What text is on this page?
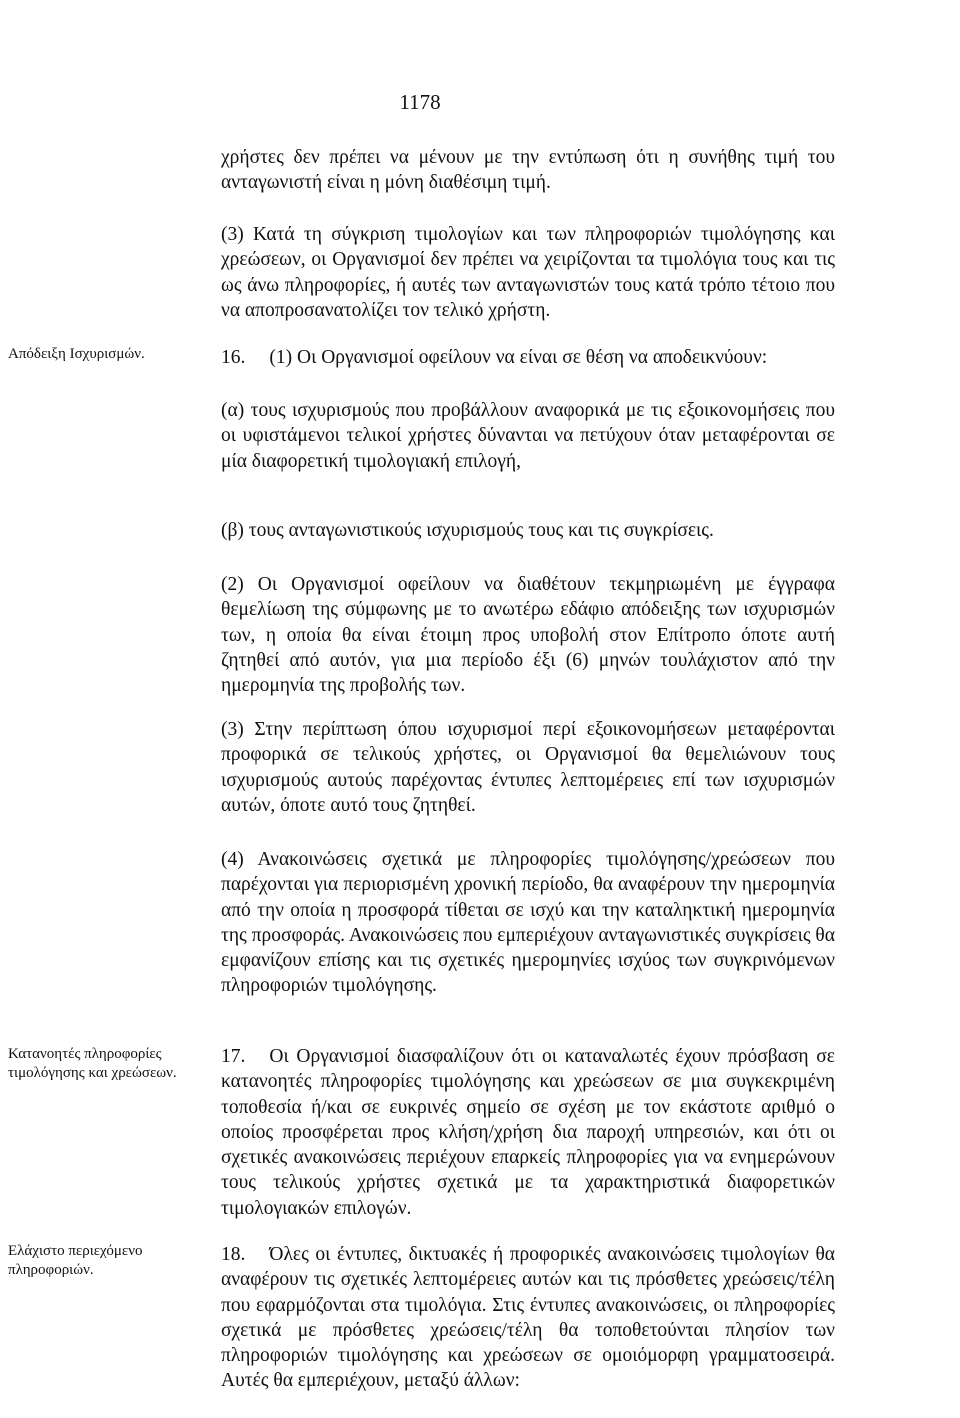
1178

χρήστες δεν πρέπει να μένουν με την εντύπωση ότι η συνήθης τιμή του ανταγωνιστή είναι η μόνη διαθέσιμη τιμή.

(3) Κατά τη σύγκριση τιμολογίων και των πληροφοριών τιμολόγησης και χρεώσεων, οι Οργανισμοί δεν πρέπει να χειρίζονται τα τιμολόγια τους και τις ως άνω πληροφορίες, ή αυτές των ανταγωνιστών τους κατά τρόπο τέτοιο που να αποπροσανατολίζει τον τελικό χρήστη.

Απόδειξη Ισχυρισμών.	16. (1) Οι Οργανισμοί οφείλουν να είναι σε θέση να αποδεικνύουν:

(α) τους ισχυρισμούς που προβάλλουν αναφορικά με τις εξοικονομήσεις που οι υφιστάμενοι τελικοί χρήστες δύνανται να πετύχουν όταν μεταφέρονται σε μία διαφορετική τιμολογιακή επιλογή,

(β) τους ανταγωνιστικούς ισχυρισμούς τους και τις συγκρίσεις.

(2) Οι Οργανισμοί οφείλουν να διαθέτουν τεκμηριωμένη με έγγραφα θεμελίωση της σύμφωνης με το ανωτέρω εδάφιο απόδειξης των ισχυρισμών των, η οποία θα είναι έτοιμη προς υποβολή στον Επίτροπο όποτε αυτή ζητηθεί από αυτόν, για μια περίοδο έξι (6) μηνών τουλάχιστον από την ημερομηνία της προβολής των.

(3) Στην περίπτωση όπου ισχυρισμοί περί εξοικονομήσεων μεταφέρονται προφορικά σε τελικούς χρήστες, οι Οργανισμοί θα θεμελιώνουν τους ισχυρισμούς αυτούς παρέχοντας έντυπες λεπτομέρειες επί των ισχυρισμών αυτών, όποτε αυτό τους ζητηθεί.

(4) Ανακοινώσεις σχετικά με πληροφορίες τιμολόγησης/χρεώσεων που παρέχονται για περιορισμένη χρονική περίοδο, θα αναφέρουν την ημερομηνία από την οποία η προσφορά τίθεται σε ισχύ και την καταληκτική ημερομηνία της προσφοράς. Ανακοινώσεις που εμπεριέχουν ανταγωνιστικές συγκρίσεις θα εμφανίζουν επίσης και τις σχετικές ημερομηνίες ισχύος των συγκρινόμενων πληροφοριών τιμολόγησης.

Κατανοητές πληροφορίες τιμολόγησης και χρεώσεων.

17. Οι Οργανισμοί διασφαλίζουν ότι οι καταναλωτές έχουν πρόσβαση σε κατανοητές πληροφορίες τιμολόγησης και χρεώσεων σε μια συγκεκριμένη τοποθεσία ή/και σε ευκρινές σημείο σε σχέση με τον εκάστοτε αριθμό ο οποίος προσφέρεται προς κλήση/χρήση δια παροχή υπηρεσιών, και ότι οι σχετικές ανακοινώσεις περιέχουν επαρκείς πληροφορίες για να ενημερώνουν τους τελικούς χρήστες σχετικά με τα χαρακτηριστικά διαφορετικών τιμολογιακών επιλογών.

Ελάχιστο περιεχόμενο πληροφοριών.

18. Όλες οι έντυπες, δικτυακές ή προφορικές ανακοινώσεις τιμολογίων θα αναφέρουν τις σχετικές λεπτομέρειες αυτών και τις πρόσθετες χρεώσεις/τέλη που εφαρμόζονται στα τιμολόγια. Στις έντυπες ανακοινώσεις, οι πληροφορίες σχετικά με πρόσθετες χρεώσεις/τέλη θα τοποθετούνται πλησίον των πληροφοριών τιμολόγησης και χρεώσεων σε ομοιόμορφη γραμματοσειρά. Αυτές θα εμπεριέχουν, μεταξύ άλλων:
